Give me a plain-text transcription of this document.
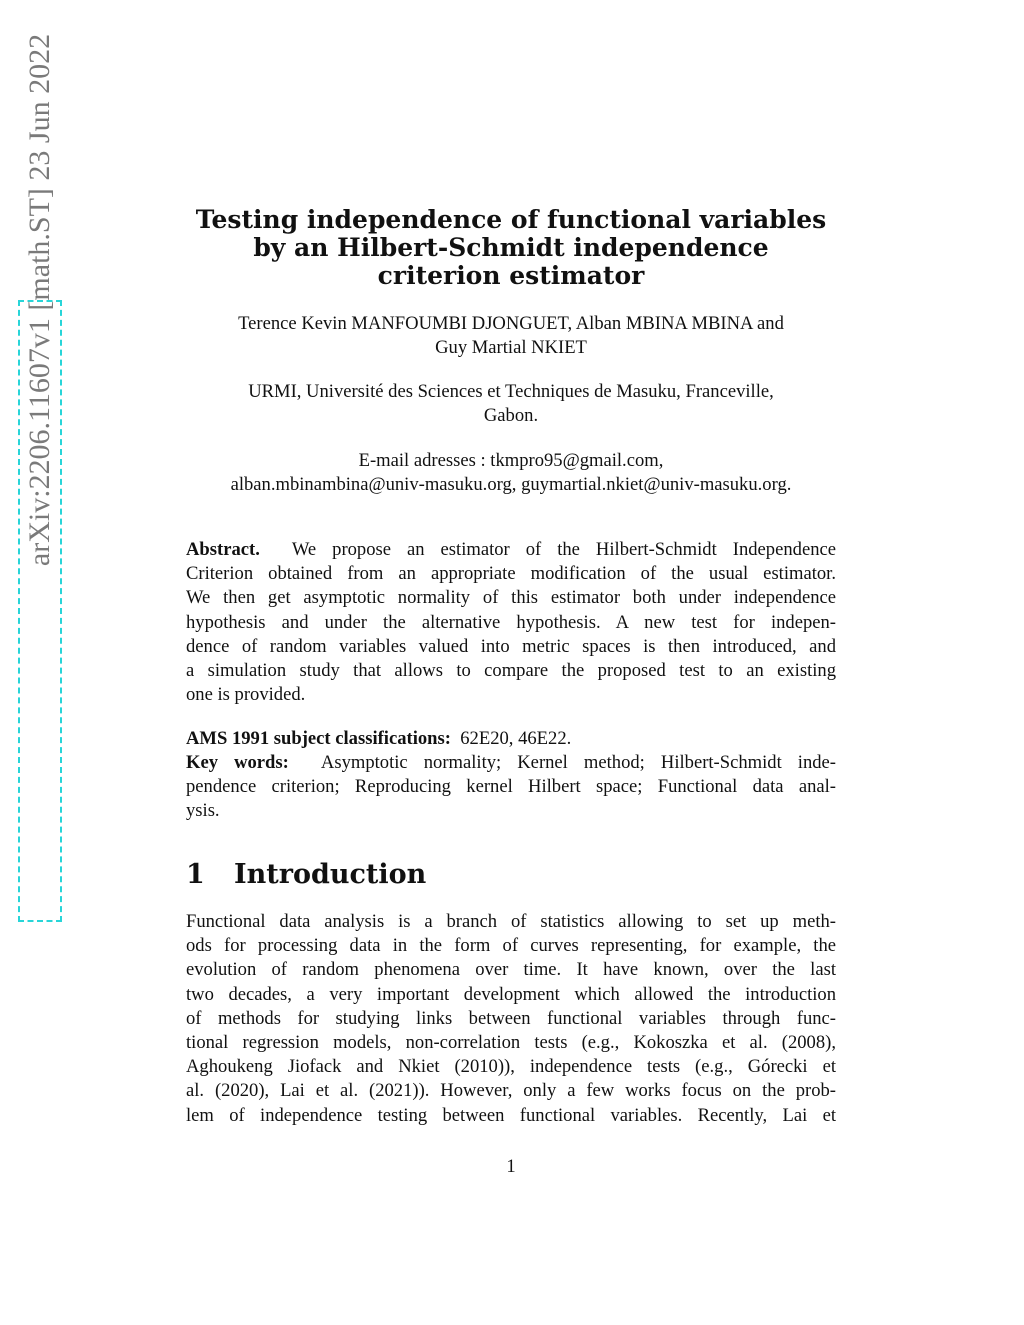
arXiv:2206.11607v1 [math.ST] 23 Jun 2022	Testing independence of functional variables
by an Hilbert-Schmidt independence
criterion estimator
Terence Kevin MANFOUMBI DJONGUET, Alban MBINA MBINA and
Guy Martial NKIET
URMI, Université des Sciences et Techniques de Masuku, Franceville,
Gabon.
E-mail adresses : tkmpro95@gmail.com,
alban.mbinambina@univ-masuku.org, guymartial.nkiet@univ-masuku.org.
Abstract. We propose an estimator of the Hilbert-Schmidt Independence
Criterion obtained from an appropriate modification of the usual estimator.
We then get asymptotic normality of this estimator both under independence
hypothesis and under the alternative hypothesis. A new test for indepen-
dence of random variables valued into metric spaces is then introduced, and
a simulation study that allows to compare the proposed test to an existing
one is provided.
AMS 1991 subject classifications: 62E20, 46E22.
Key words: Asymptotic normality; Kernel method; Hilbert-Schmidt inde-
pendence criterion; Reproducing kernel Hilbert space; Functional data anal-
ysis.
1 Introduction
Functional data analysis is a branch of statistics allowing to set up meth-
ods for processing data in the form of curves representing, for example, the
evolution of random phenomena over time. It have known, over the last
two decades, a very important development which allowed the introduction
of methods for studying links between functional variables through func-
tional regression models, non-correlation tests (e.g., Kokoszka et al. (2008),
Aghoukeng Jiofack and Nkiet (2010)), independence tests (e.g., Górecki et
al. (2020), Lai et al. (2021)). However, only a few works focus on the prob-
lem of independence testing between functional variables. Recently, Lai et
1
